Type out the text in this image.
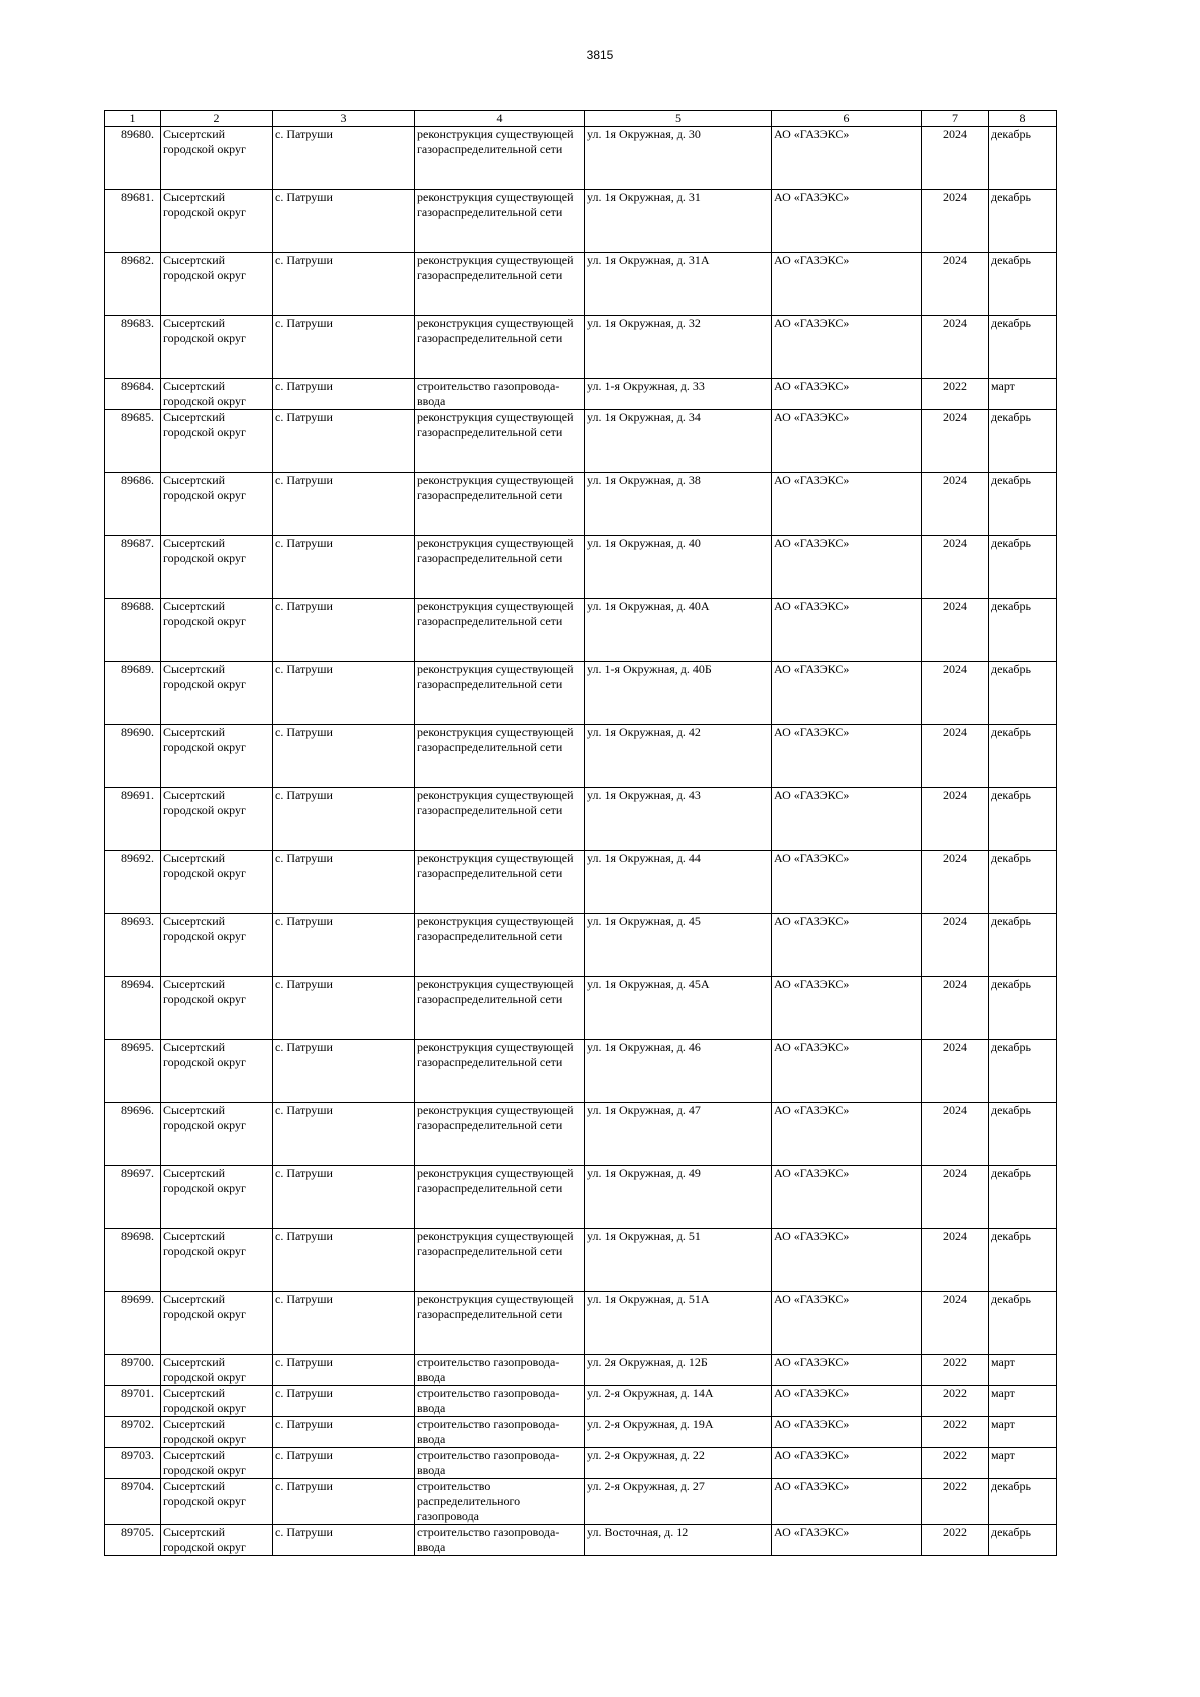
3815
1	2	3	4	5	6	7	8
89680.	Сысертский городской округ	с. Патруши	реконструкция существующей газораспределительной сети	ул. 1я Окружная, д. 30	АО «ГАЗЭКС»	2024	декабрь
89681.	Сысертский городской округ	с. Патруши	реконструкция существующей газораспределительной сети	ул. 1я Окружная, д. 31	АО «ГАЗЭКС»	2024	декабрь
89682.	Сысертский городской округ	с. Патруши	реконструкция существующей газораспределительной сети	ул. 1я Окружная, д. 31А	АО «ГАЗЭКС»	2024	декабрь
89683.	Сысертский городской округ	с. Патруши	реконструкция существующей газораспределительной сети	ул. 1я Окружная, д. 32	АО «ГАЗЭКС»	2024	декабрь
89684.	Сысертский городской округ	с. Патруши	строительство газопровода-ввода	ул. 1-я Окружная, д. 33	АО «ГАЗЭКС»	2022	март
89685.	Сысертский городской округ	с. Патруши	реконструкция существующей газораспределительной сети	ул. 1я Окружная, д. 34	АО «ГАЗЭКС»	2024	декабрь
89686.	Сысертский городской округ	с. Патруши	реконструкция существующей газораспределительной сети	ул. 1я Окружная, д. 38	АО «ГАЗЭКС»	2024	декабрь
89687.	Сысертский городской округ	с. Патруши	реконструкция существующей газораспределительной сети	ул. 1я Окружная, д. 40	АО «ГАЗЭКС»	2024	декабрь
89688.	Сысертский городской округ	с. Патруши	реконструкция существующей газораспределительной сети	ул. 1я Окружная, д. 40А	АО «ГАЗЭКС»	2024	декабрь
89689.	Сысертский городской округ	с. Патруши	реконструкция существующей газораспределительной сети	ул. 1-я Окружная, д. 40Б	АО «ГАЗЭКС»	2024	декабрь
89690.	Сысертский городской округ	с. Патруши	реконструкция существующей газораспределительной сети	ул. 1я Окружная, д. 42	АО «ГАЗЭКС»	2024	декабрь
89691.	Сысертский городской округ	с. Патруши	реконструкция существующей газораспределительной сети	ул. 1я Окружная, д. 43	АО «ГАЗЭКС»	2024	декабрь
89692.	Сысертский городской округ	с. Патруши	реконструкция существующей газораспределительной сети	ул. 1я Окружная, д. 44	АО «ГАЗЭКС»	2024	декабрь
89693.	Сысертский городской округ	с. Патруши	реконструкция существующей газораспределительной сети	ул. 1я Окружная, д. 45	АО «ГАЗЭКС»	2024	декабрь
89694.	Сысертский городской округ	с. Патруши	реконструкция существующей газораспределительной сети	ул. 1я Окружная, д. 45А	АО «ГАЗЭКС»	2024	декабрь
89695.	Сысертский городской округ	с. Патруши	реконструкция существующей газораспределительной сети	ул. 1я Окружная, д. 46	АО «ГАЗЭКС»	2024	декабрь
89696.	Сысертский городской округ	с. Патруши	реконструкция существующей газораспределительной сети	ул. 1я Окружная, д. 47	АО «ГАЗЭКС»	2024	декабрь
89697.	Сысертский городской округ	с. Патруши	реконструкция существующей газораспределительной сети	ул. 1я Окружная, д. 49	АО «ГАЗЭКС»	2024	декабрь
89698.	Сысертский городской округ	с. Патруши	реконструкция существующей газораспределительной сети	ул. 1я Окружная, д. 51	АО «ГАЗЭКС»	2024	декабрь
89699.	Сысертский городской округ	с. Патруши	реконструкция существующей газораспределительной сети	ул. 1я Окружная, д. 51А	АО «ГАЗЭКС»	2024	декабрь
89700.	Сысертский городской округ	с. Патруши	строительство газопровода-ввода	ул. 2я Окружная, д. 12Б	АО «ГАЗЭКС»	2022	март
89701.	Сысертский городской округ	с. Патруши	строительство газопровода-ввода	ул. 2-я Окружная, д. 14А	АО «ГАЗЭКС»	2022	март
89702.	Сысертский городской округ	с. Патруши	строительство газопровода-ввода	ул. 2-я Окружная, д. 19А	АО «ГАЗЭКС»	2022	март
89703.	Сысертский городской округ	с. Патруши	строительство газопровода-ввода	ул. 2-я Окружная, д. 22	АО «ГАЗЭКС»	2022	март
89704.	Сысертский городской округ	с. Патруши	строительство распределительного газопровода	ул. 2-я Окружная, д. 27	АО «ГАЗЭКС»	2022	декабрь
89705.	Сысертский городской округ	с. Патруши	строительство газопровода-ввода	ул. Восточная, д. 12	АО «ГАЗЭКС»	2022	декабрь
